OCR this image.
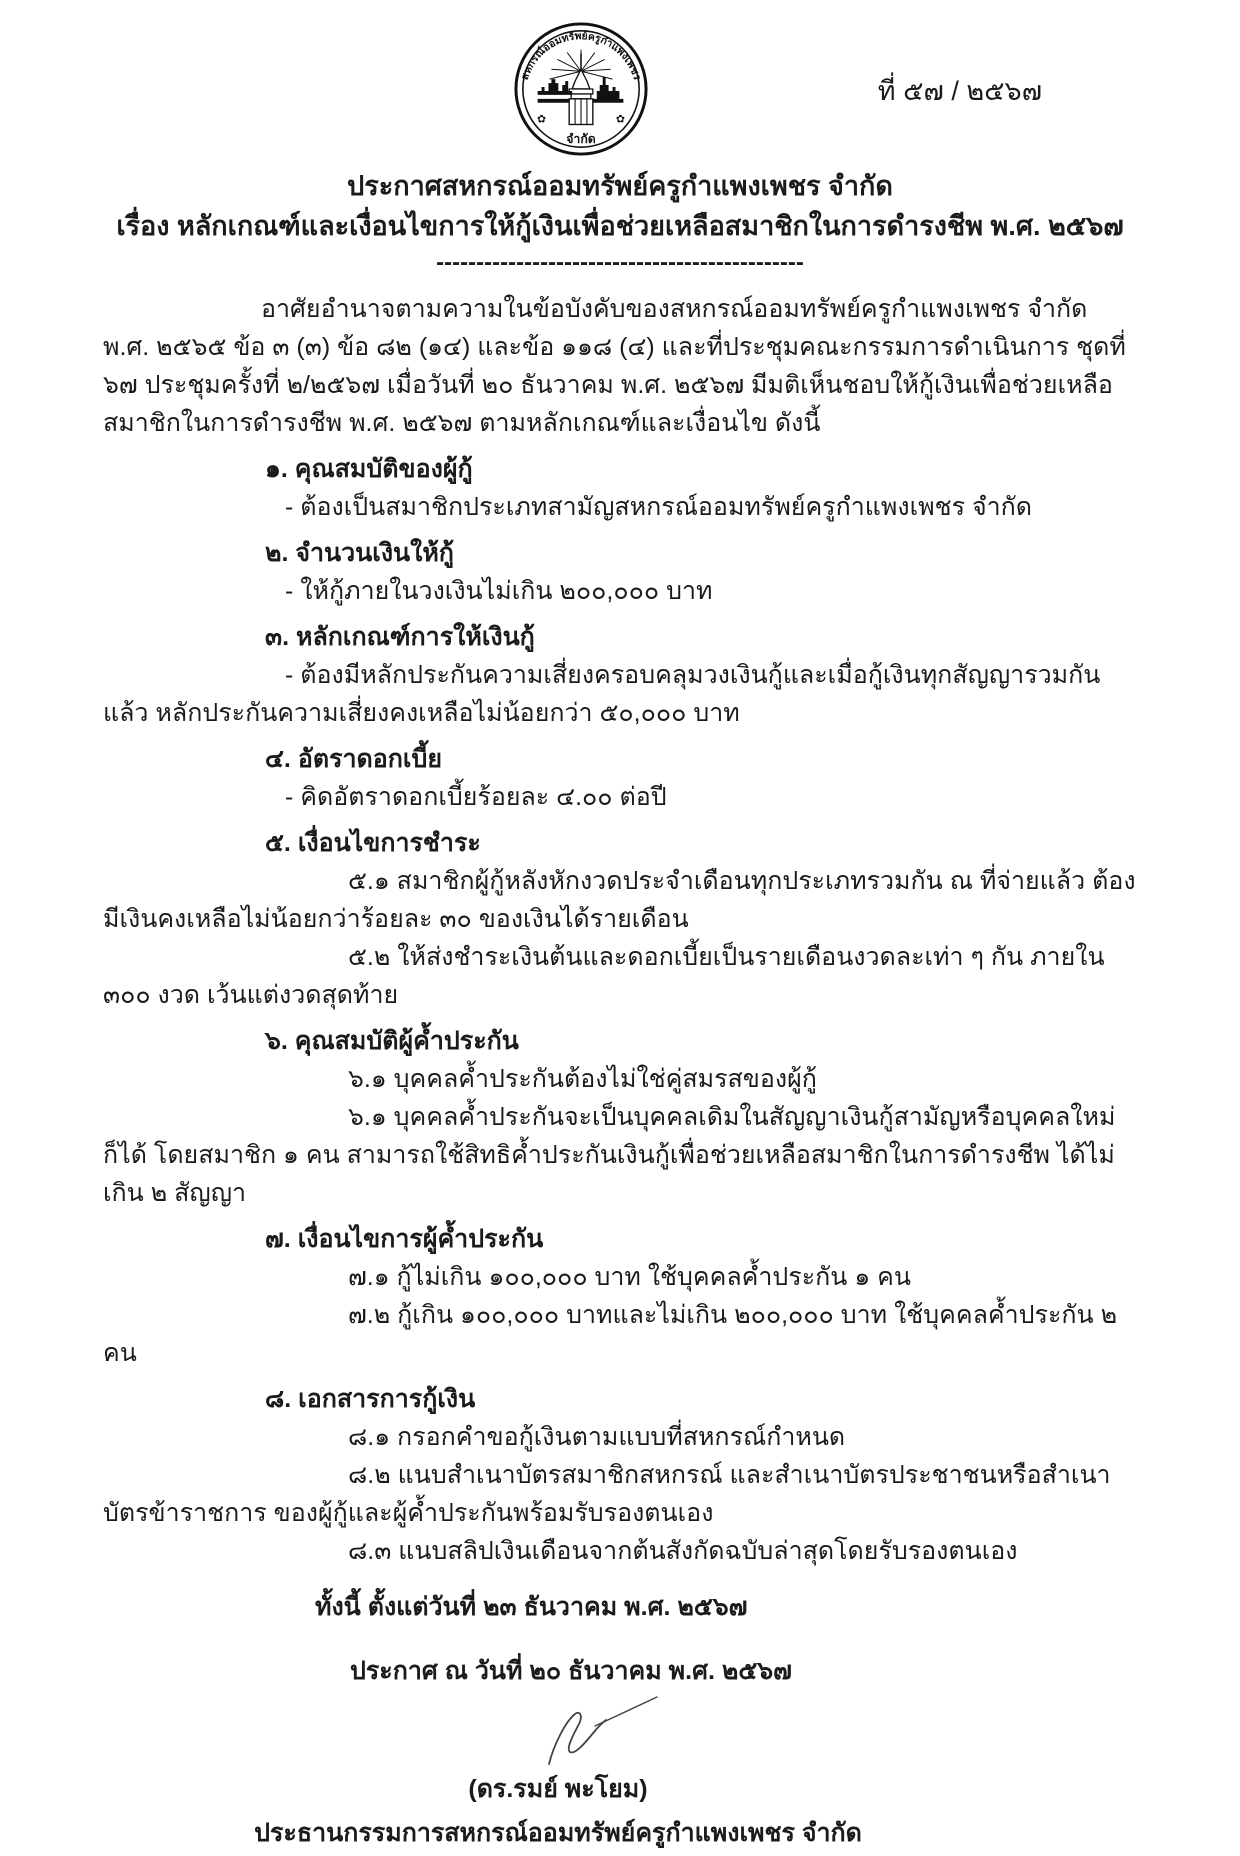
ที่ ๕๗ / ๒๕๖๗
สหกรณ์ออมทรัพย์ครูกำแพงเพชร
✿	✿
จำกัด
ประกาศสหกรณ์ออมทรัพย์ครูกำแพงเพชร จำกัด
เรื่อง หลักเกณฑ์และเงื่อนไขการให้กู้เงินเพื่อช่วยเหลือสมาชิกในการดำรงชีพ พ.ศ. ๒๕๖๗
----------------------------------------------

อาศัยอำนาจตามความในข้อบังคับของสหกรณ์ออมทรัพย์ครูกำแพงเพชร จำกัด พ.ศ. ๒๕๖๕ ข้อ ๓ (๓) ข้อ ๘๒ (๑๔) และข้อ ๑๑๘ (๔) และที่ประชุมคณะกรรมการดำเนินการ ชุดที่ ๖๗ ประชุมครั้งที่ ๒/๒๕๖๗ เมื่อวันที่ ๒๐ ธันวาคม พ.ศ. ๒๕๖๗ มีมติเห็นชอบให้กู้เงินเพื่อช่วยเหลือสมาชิกในการดำรงชีพ พ.ศ. ๒๕๖๗ ตามหลักเกณฑ์และเงื่อนไข ดังนี้

๑. คุณสมบัติของผู้กู้

- ต้องเป็นสมาชิกประเภทสามัญสหกรณ์ออมทรัพย์ครูกำแพงเพชร จำกัด

๒. จำนวนเงินให้กู้

- ให้กู้ภายในวงเงินไม่เกิน ๒๐๐,๐๐๐ บาท

๓. หลักเกณฑ์การให้เงินกู้

- ต้องมีหลักประกันความเสี่ยงครอบคลุมวงเงินกู้และเมื่อกู้เงินทุกสัญญารวมกันแล้ว หลักประกันความเสี่ยงคงเหลือไม่น้อยกว่า ๕๐,๐๐๐ บาท

๔. อัตราดอกเบี้ย

- คิดอัตราดอกเบี้ยร้อยละ ๔.๐๐ ต่อปี

๕. เงื่อนไขการชำระ

๕.๑ สมาชิกผู้กู้หลังหักงวดประจำเดือนทุกประเภทรวมกัน ณ ที่จ่ายแล้ว ต้องมีเงินคงเหลือไม่น้อยกว่าร้อยละ ๓๐ ของเงินได้รายเดือน

๕.๒ ให้ส่งชำระเงินต้นและดอกเบี้ยเป็นรายเดือนงวดละเท่า ๆ กัน ภายใน ๓๐๐ งวด เว้นแต่งวดสุดท้าย

๖. คุณสมบัติผู้ค้ำประกัน

๖.๑ บุคคลค้ำประกันต้องไม่ใช่คู่สมรสของผู้กู้

๖.๑ บุคคลค้ำประกันจะเป็นบุคคลเดิมในสัญญาเงินกู้สามัญหรือบุคคลใหม่ก็ได้ โดยสมาชิก ๑ คน สามารถใช้สิทธิค้ำประกันเงินกู้เพื่อช่วยเหลือสมาชิกในการดำรงชีพ ได้ไม่เกิน ๒ สัญญา

๗. เงื่อนไขการผู้ค้ำประกัน

๗.๑ กู้ไม่เกิน ๑๐๐,๐๐๐ บาท ใช้บุคคลค้ำประกัน ๑ คน

๗.๒ กู้เกิน ๑๐๐,๐๐๐ บาทและไม่เกิน ๒๐๐,๐๐๐ บาท ใช้บุคคลค้ำประกัน ๒ คน

๘. เอกสารการกู้เงิน

๘.๑ กรอกคำขอกู้เงินตามแบบที่สหกรณ์กำหนด

๘.๒ แนบสำเนาบัตรสมาชิกสหกรณ์ และสำเนาบัตรประชาชนหรือสำเนาบัตรข้าราชการ ของผู้กู้และผู้ค้ำประกันพร้อมรับรองตนเอง

๘.๓ แนบสลิปเงินเดือนจากต้นสังกัดฉบับล่าสุดโดยรับรองตนเอง

ทั้งนี้ ตั้งแต่วันที่ ๒๓ ธันวาคม พ.ศ. ๒๕๖๗
ประกาศ ณ วันที่ ๒๐ ธันวาคม พ.ศ. ๒๕๖๗
(ดร.รมย์ พะโยม)
ประธานกรรมการสหกรณ์ออมทรัพย์ครูกำแพงเพชร จำกัด
